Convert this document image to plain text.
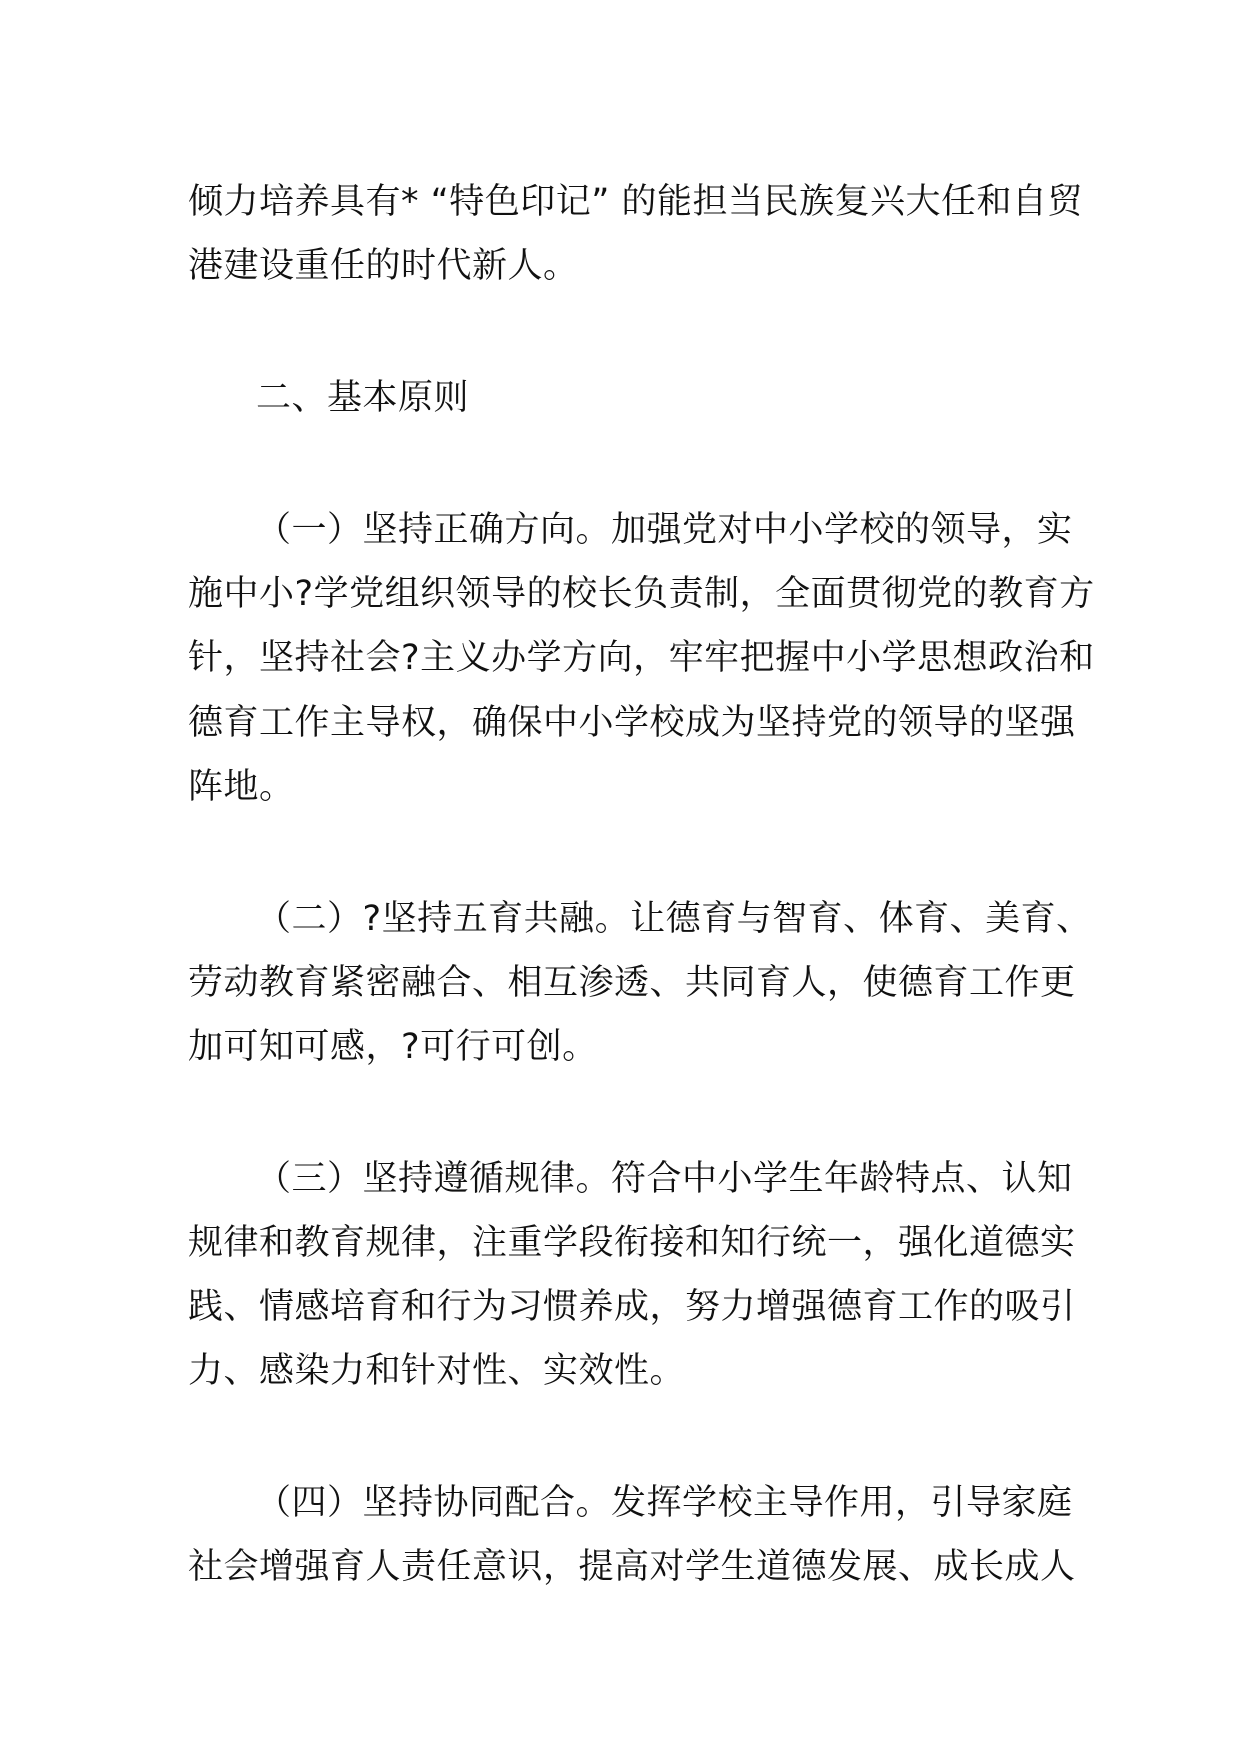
倾力培养具有* “特色印记” 的能担当民族复兴大任和自贸
港建设重任的时代新人。
二、基本原则
（一）坚持正确方向。加强党对中小学校的领导，实
施中小?学党组织领导的校长负责制，全面贯彻党的教育方
针，坚持社会?主义办学方向，牢牢把握中小学思想政治和
德育工作主导权，确保中小学校成为坚持党的领导的坚强
阵地。
（二）?坚持五育共融。让德育与智育、体育、美育、
劳动教育紧密融合、相互渗透、共同育人，使德育工作更
加可知可感，?可行可创。
（三）坚持遵循规律。符合中小学生年龄特点、认知
规律和教育规律，注重学段衔接和知行统一，强化道德实
践、情感培育和行为习惯养成，努力增强德育工作的吸引
力、感染力和针对性、实效性。
（四）坚持协同配合。发挥学校主导作用，引导家庭
社会增强育人责任意识，提高对学生道德发展、成长成人
